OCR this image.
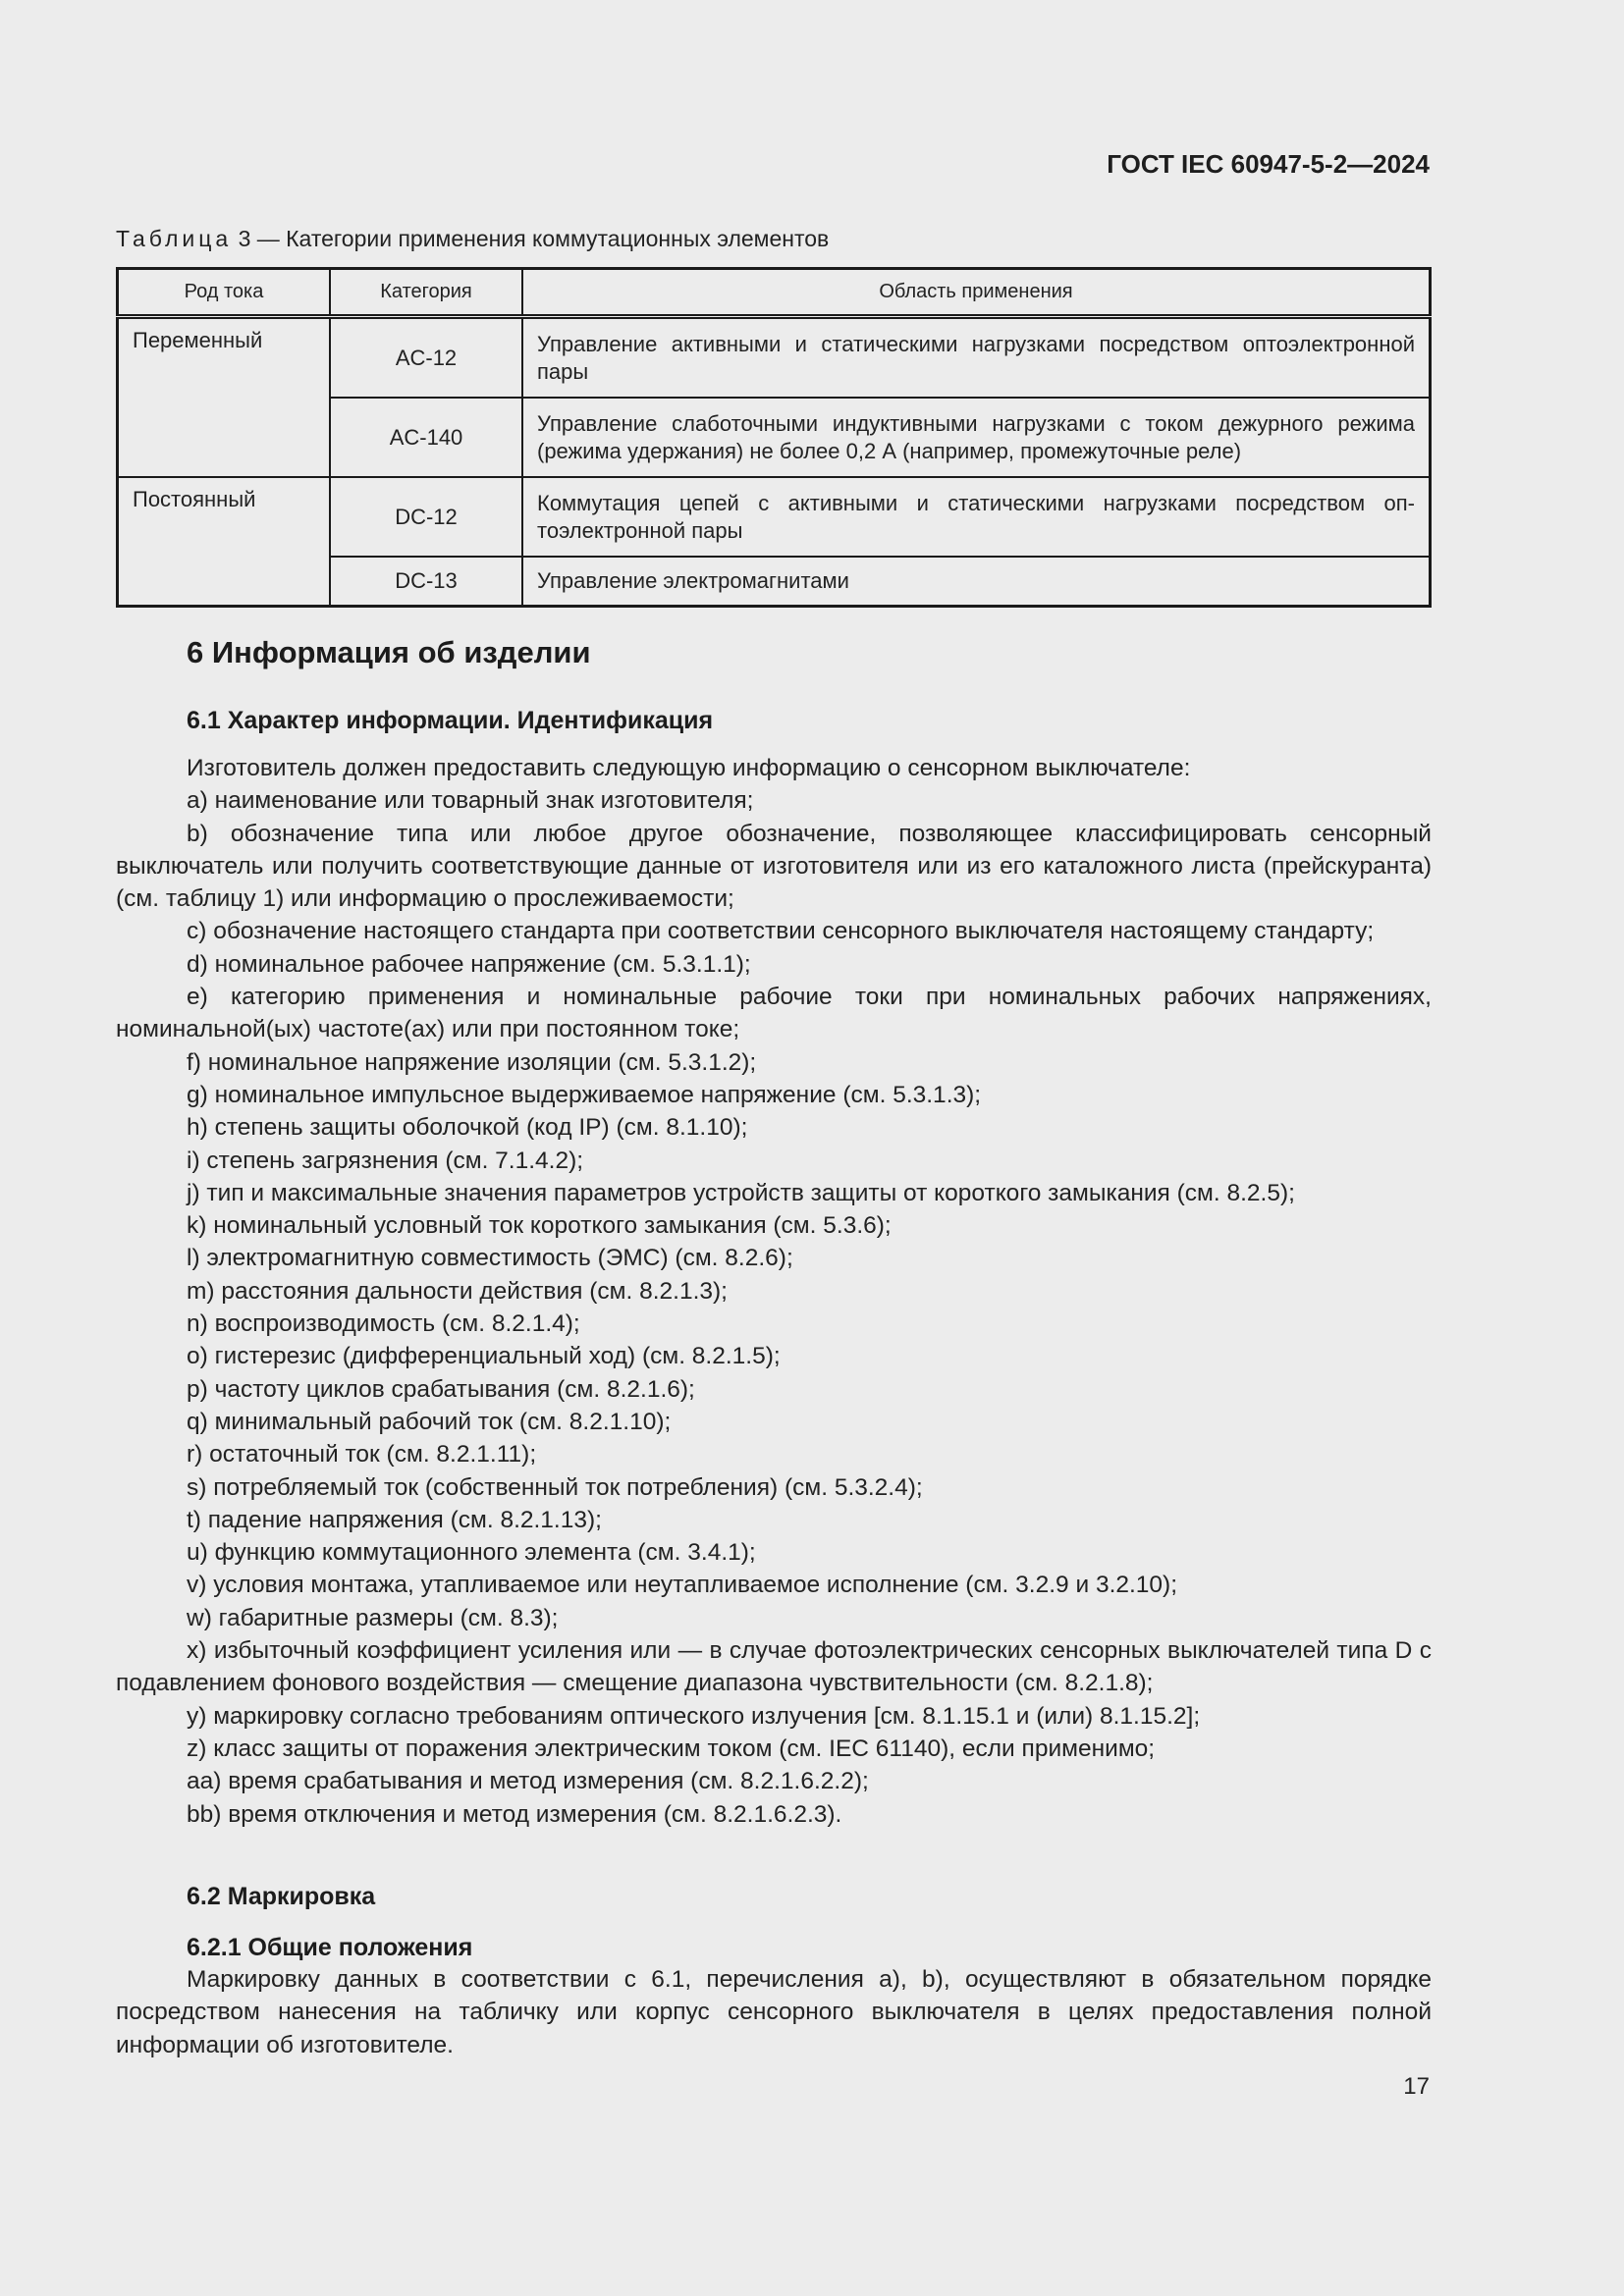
ГОСТ IEC 60947-5-2—2024
Таблица 3 — Категории применения коммутационных элементов
Род тока	Категория	Область применения
Переменный	AC-12	Управление активными и статическими нагрузками посредством оптоэлектронной пары
	AC-140	Управление слаботочными индуктивными нагрузками с током дежурного режима (режима удержания) не более 0,2 А (например, промежуточные реле)
Постоянный	DC-12	Коммутация цепей с активными и статическими нагрузками посредством оптоэлектронной пары
	DC-13	Управление электромагнитами
6 Информация об изделии
6.1 Характер информации. Идентификация

Изготовитель должен предоставить следующую информацию о сенсорном выключателе:

a) наименование или товарный знак изготовителя;

b) обозначение типа или любое другое обозначение, позволяющее классифицировать сенсорный выключатель или получить соответствующие данные от изготовителя или из его каталожного листа (прейскуранта) (см. таблицу 1) или информацию о прослеживаемости;

c) обозначение настоящего стандарта при соответствии сенсорного выключателя настоящему стандарту;

d) номинальное рабочее напряжение (см. 5.3.1.1);

e) категорию применения и номинальные рабочие токи при номинальных рабочих напряжениях, номинальной(ых) частоте(ах) или при постоянном токе;

f) номинальное напряжение изоляции (см. 5.3.1.2);

g) номинальное импульсное выдерживаемое напряжение (см. 5.3.1.3);

h) степень защиты оболочкой (код IP) (см. 8.1.10);

i) степень загрязнения (см. 7.1.4.2);

j) тип и максимальные значения параметров устройств защиты от короткого замыкания (см. 8.2.5);

k) номинальный условный ток короткого замыкания (см. 5.3.6);

l) электромагнитную совместимость (ЭМС) (см. 8.2.6);

m) расстояния дальности действия (см. 8.2.1.3);

n) воспроизводимость (см. 8.2.1.4);

o) гистерезис (дифференциальный ход) (см. 8.2.1.5);

p) частоту циклов срабатывания (см. 8.2.1.6);

q) минимальный рабочий ток (см. 8.2.1.10);

r) остаточный ток (см. 8.2.1.11);

s) потребляемый ток (собственный ток потребления) (см. 5.3.2.4);

t) падение напряжения (см. 8.2.1.13);

u) функцию коммутационного элемента (см. 3.4.1);

v) условия монтажа, утапливаемое или неутапливаемое исполнение (см. 3.2.9 и 3.2.10);

w) габаритные размеры (см. 8.3);

x) избыточный коэффициент усиления или — в случае фотоэлектрических сенсорных выключателей типа D с подавлением фонового воздействия — смещение диапазона чувствительности (см. 8.2.1.8);

y) маркировку согласно требованиям оптического излучения [см. 8.1.15.1 и (или) 8.1.15.2];

z) класс защиты от поражения электрическим током (см. IEC 61140), если применимо;

aa) время срабатывания и метод измерения (см. 8.2.1.6.2.2);

bb) время отключения и метод измерения (см. 8.2.1.6.2.3).

6.2 Маркировка
6.2.1 Общие положения

Маркировку данных в соответствии с 6.1, перечисления a), b), осуществляют в обязательном порядке посредством нанесения на табличку или корпус сенсорного выключателя в целях предоставления полной информации об изготовителе.

17
